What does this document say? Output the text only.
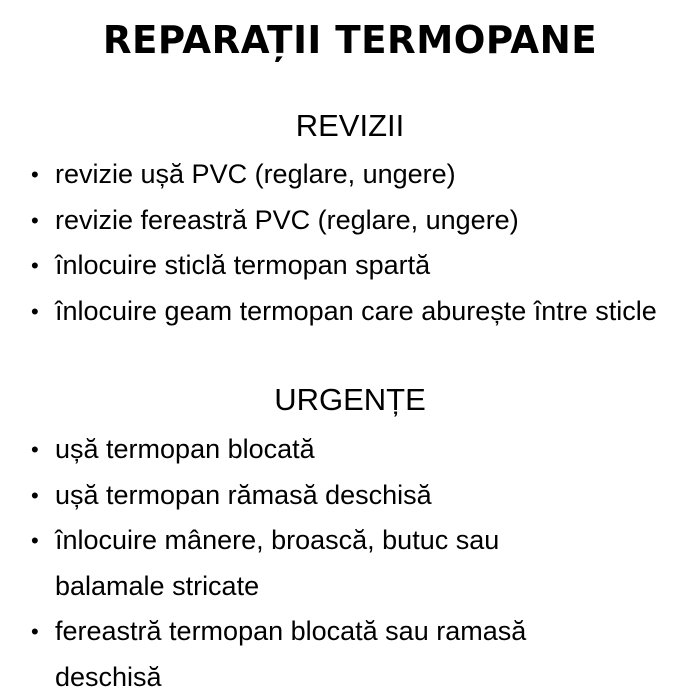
REPARAȚII TERMOPANE
REVIZII
• revizie ușă PVC (reglare, ungere)
• revizie fereastră PVC (reglare, ungere)
• înlocuire sticlă termopan spartă
• înlocuire geam termopan care aburește între sticle
URGENȚE
• ușă termopan blocată
• ușă termopan rămasă deschisă
• înlocuire mânere, broască, butuc sau balamale stricate
• fereastră termopan blocată sau ramasă deschisă
